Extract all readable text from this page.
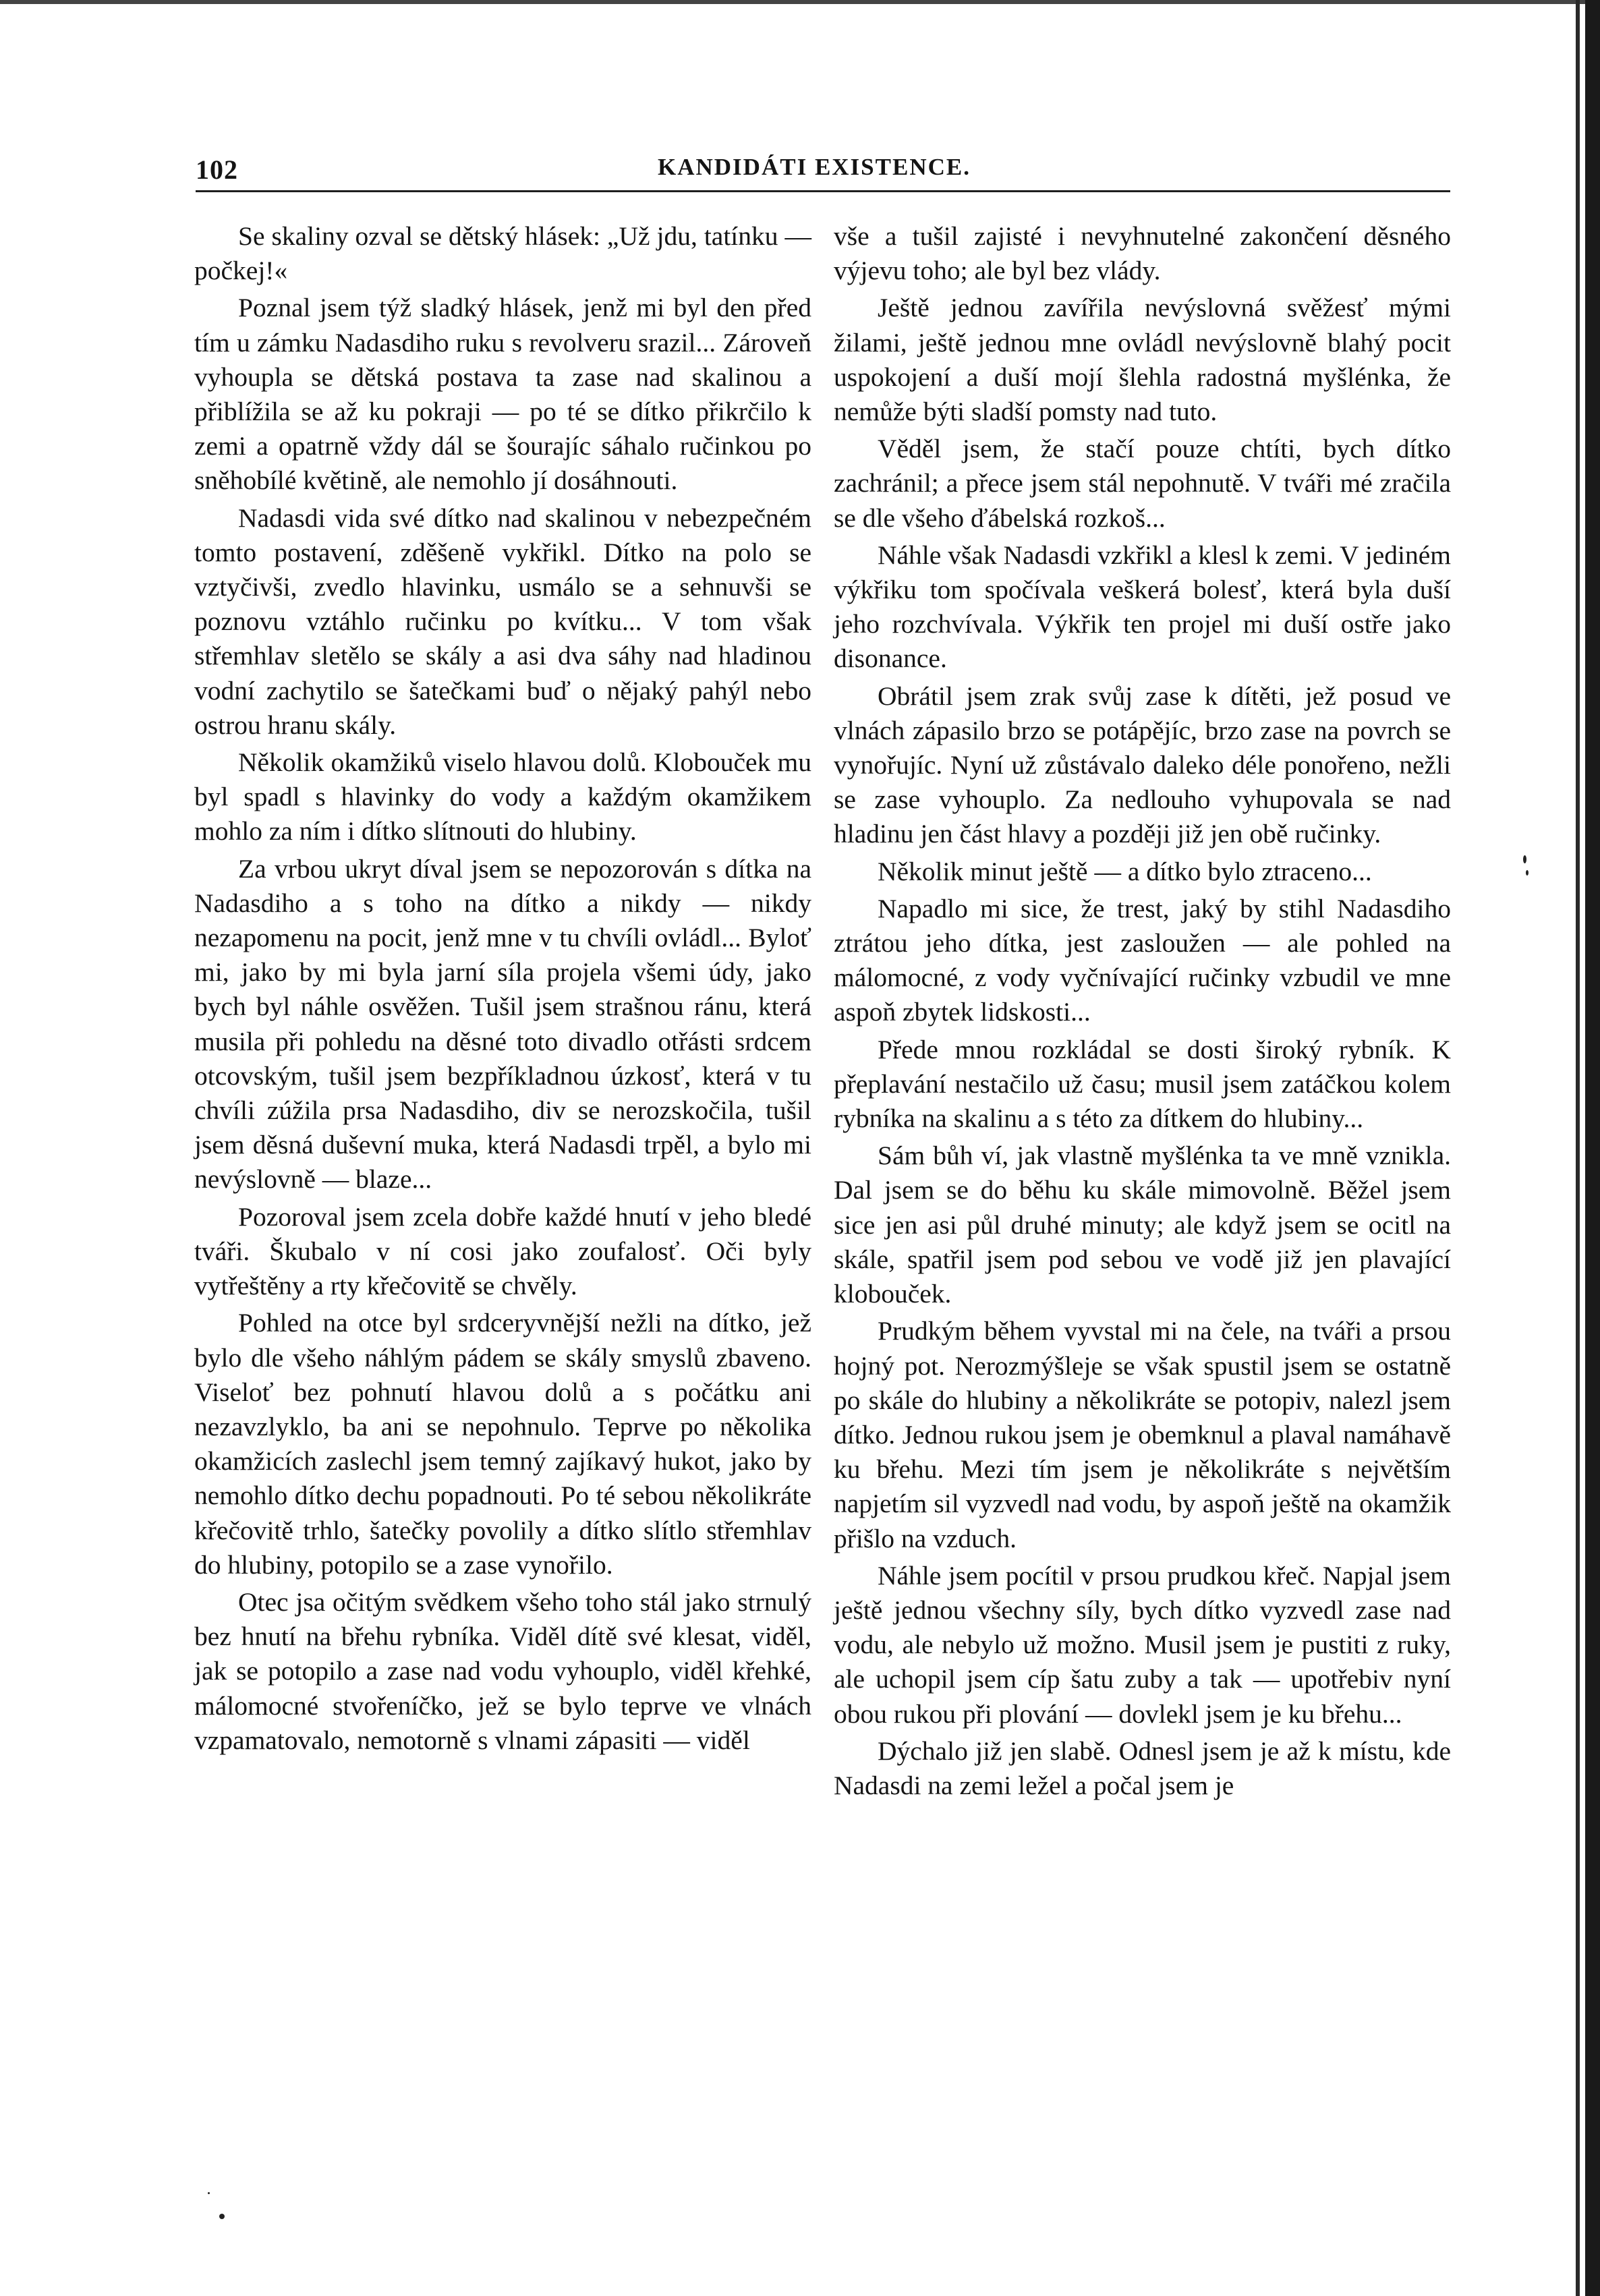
102	KANDIDÁTI EXISTENCE.

Se skaliny ozval se dětský hlásek: „Už jdu, tatínku — počkej!«

Poznal jsem týž sladký hlásek, jenž mi byl den před tím u zámku Nadasdiho ruku s revolveru srazil... Zároveň vyhoupla se dětská postava ta zase nad skalinou a přiblížila se až ku pokraji — po té se dítko přikrčilo k zemi a opatrně vždy dál se šourajíc sáhalo ručinkou po sněhobílé květině, ale nemohlo jí dosáhnouti.

Nadasdi vida své dítko nad skalinou v nebezpečném tomto postavení, zděšeně vykřikl. Dítko na polo se vztyčivši, zvedlo hlavinku, usmálo se a sehnuvši se poznovu vztáhlo ručinku po kvítku... V tom však střemhlav sletělo se skály a asi dva sáhy nad hladinou vodní zachytilo se šatečkami buď o nějaký pahýl nebo ostrou hranu skály.

Několik okamžiků viselo hlavou dolů. Klobouček mu byl spadl s hlavinky do vody a každým okamžikem mohlo za ním i dítko slítnouti do hlubiny.

Za vrbou ukryt díval jsem se nepozorován s dítka na Nadasdiho a s toho na dítko a nikdy — nikdy nezapomenu na pocit, jenž mne v tu chvíli ovládl... Byloť mi, jako by mi byla jarní síla projela všemi údy, jako bych byl náhle osvěžen. Tušil jsem strašnou ránu, která musila při pohledu na děsné toto divadlo otřásti srdcem otcovským, tušil jsem bezpříkladnou úzkosť, která v tu chvíli zúžila prsa Nadasdiho, div se nerozskočila, tušil jsem děsná duševní muka, která Nadasdi trpěl, a bylo mi nevýslovně — blaze...

Pozoroval jsem zcela dobře každé hnutí v jeho bledé tváři. Škubalo v ní cosi jako zoufalosť. Oči byly vytřeštěny a rty křečovitě se chvěly.

Pohled na otce byl srdceryvnější nežli na dítko, jež bylo dle všeho náhlým pádem se skály smyslů zbaveno. Viseloť bez pohnutí hlavou dolů a s počátku ani nezavzlyklo, ba ani se nepohnulo. Teprve po několika okamžicích zaslechl jsem temný zajíkavý hukot, jako by nemohlo dítko dechu popadnouti. Po té sebou několikráte křečovitě trhlo, šatečky povolily a dítko slítlo střemhlav do hlubiny, potopilo se a zase vynořilo.

Otec jsa očitým svědkem všeho toho stál jako strnulý bez hnutí na břehu rybníka. Viděl dítě své klesat, viděl, jak se potopilo a zase nad vodu vyhouplo, viděl křehké, málomocné stvořeníčko, jež se bylo teprve ve vlnách vzpamatovalo, nemotorně s vlnami zápasiti — viděl

vše a tušil zajisté i nevyhnutelné zakončení děsného výjevu toho; ale byl bez vlády.

Ještě jednou zavířila nevýslovná svěžesť mými žilami, ještě jednou mne ovládl nevýslovně blahý pocit uspokojení a duší mojí šlehla radostná myšlénka, že nemůže býti sladší pomsty nad tuto.

Věděl jsem, že stačí pouze chtíti, bych dítko zachránil; a přece jsem stál nepohnutě. V tváři mé zračila se dle všeho ďábelská rozkoš...

Náhle však Nadasdi vzkřikl a klesl k zemi. V jediném výkřiku tom spočívala veškerá bolesť, která byla duší jeho rozchvívala. Výkřik ten projel mi duší ostře jako disonance.

Obrátil jsem zrak svůj zase k dítěti, jež posud ve vlnách zápasilo brzo se potápějíc, brzo zase na povrch se vynořujíc. Nyní už zůstávalo daleko déle ponořeno, nežli se zase vyhouplo. Za nedlouho vyhupovala se nad hladinu jen část hlavy a později již jen obě ručinky.

Několik minut ještě — a dítko bylo ztraceno...

Napadlo mi sice, že trest, jaký by stihl Nadasdiho ztrátou jeho dítka, jest zasloužen — ale pohled na málomocné, z vody vyčnívající ručinky vzbudil ve mne aspoň zbytek lidskosti...

Přede mnou rozkládal se dosti široký rybník. K přeplavání nestačilo už času; musil jsem zatáčkou kolem rybníka na skalinu a s této za dítkem do hlubiny...

Sám bůh ví, jak vlastně myšlénka ta ve mně vznikla. Dal jsem se do běhu ku skále mimovolně. Běžel jsem sice jen asi půl druhé minuty; ale když jsem se ocitl na skále, spatřil jsem pod sebou ve vodě již jen plavající klobouček.

Prudkým během vyvstal mi na čele, na tváři a prsou hojný pot. Nerozmýšleje se však spustil jsem se ostatně po skále do hlubiny a několikráte se potopiv, nalezl jsem dítko. Jednou rukou jsem je obemknul a plaval namáhavě ku břehu. Mezi tím jsem je několikráte s největším napjetím sil vyzvedl nad vodu, by aspoň ještě na okamžik přišlo na vzduch.

Náhle jsem pocítil v prsou prudkou křeč. Napjal jsem ještě jednou všechny síly, bych dítko vyzvedl zase nad vodu, ale nebylo už možno. Musil jsem je pustiti z ruky, ale uchopil jsem cíp šatu zuby a tak — upotřebiv nyní obou rukou při plování — dovlekl jsem je ku břehu...

Dýchalo již jen slabě. Odnesl jsem je až k místu, kde Nadasdi na zemi ležel a počal jsem je
